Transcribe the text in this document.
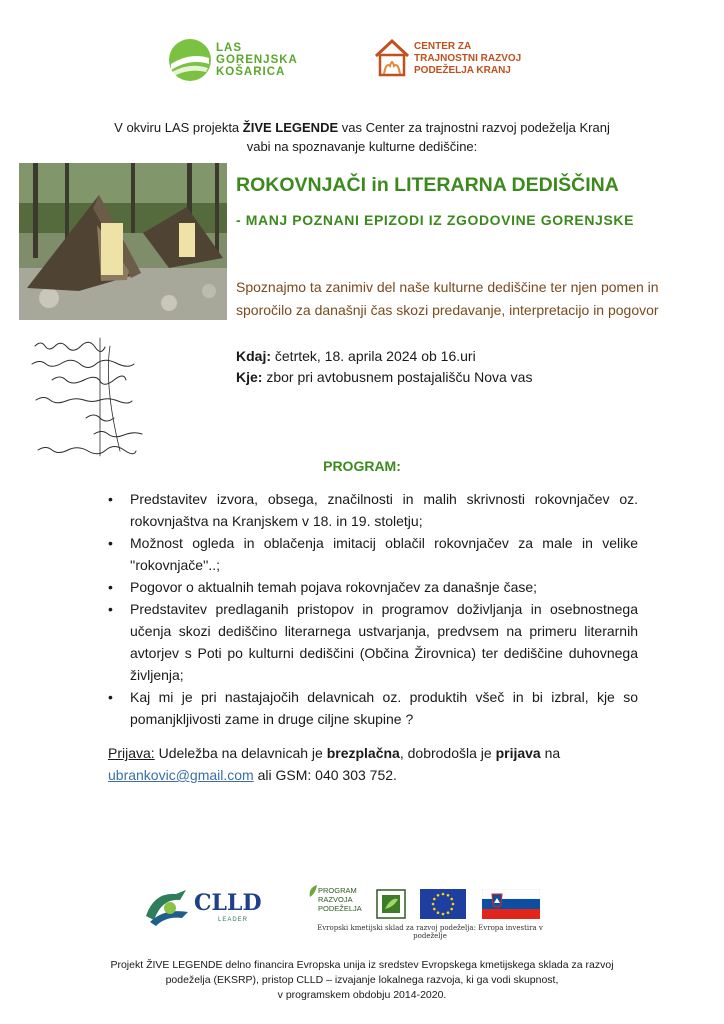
LAS
GORENJSKA
KOŠARICA
CENTER ZA
TRAJNOSTNI RAZVOJ
PODEŽELJA KRANJ
V okviru LAS projekta ŽIVE LEGENDE vas Center za trajnostni razvoj podeželja Kranj
vabi na spoznavanje kulturne dediščine:
ROKOVNJAČI in LITERARNA DEDIŠČINA
- MANJ POZNANI EPIZODI IZ ZGODOVINE GORENJSKE
Spoznajmo ta zanimiv del naše kulturne dediščine ter njen pomen in sporočilo za današnji čas skozi predavanje, interpretacijo in pogovor
Kdaj: četrtek, 18. aprila 2024 ob 16.uri
Kje: zbor pri avtobusnem postajališču Nova vas
PROGRAM:
• Predstavitev izvora, obsega, značilnosti in malih skrivnosti rokovnjačev oz. rokovnjaštva na Kranjskem v 18. in 19. stoletju;
• Možnost ogleda in oblačenja imitacij oblačil rokovnjačev za male in velike ''rokovnjače''..;
• Pogovor o aktualnih temah pojava rokovnjačev za današnje čase;
• Predstavitev predlaganih pristopov in programov doživljanja in osebnostnega učenja skozi dediščino literarnega ustvarjanja, predvsem na primeru literarnih avtorjev s Poti po kulturni dediščini (Občina Žirovnica) ter dediščine duhovnega življenja;
• Kaj mi je pri nastajajočih delavnicah oz. produktih všeč in bi izbral, kje so pomanjkljivosti zame in druge ciljne skupine ?
Prijava: Udeležba na delavnicah je brezplačna, dobrodošla je prijava na
ubrankovic@gmail.com ali GSM: 040 303 752.
CLLD
LEADER
PROGRAM
RAZVOJA
PODEŽELJA
Evropski kmetijski sklad za razvoj podeželja: Evropa investira v podeželje
Projekt ŽIVE LEGENDE delno financira Evropska unija iz sredstev Evropskega kmetijskega sklada za razvoj
podeželja (EKSRP), pristop CLLD – izvajanje lokalnega razvoja, ki ga vodi skupnost,
v programskem obdobju 2014-2020.
